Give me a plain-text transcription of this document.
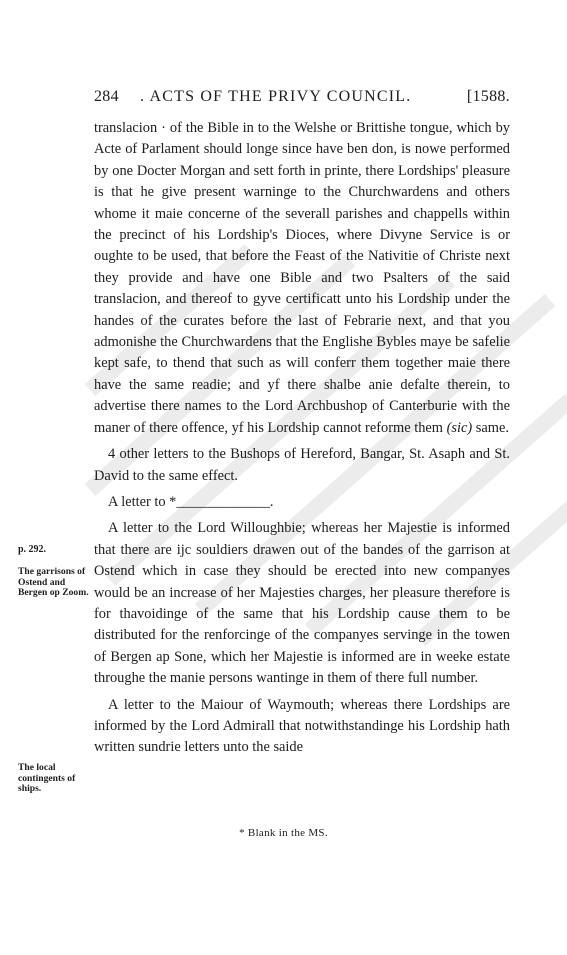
284 . ACTS OF THE PRIVY COUNCIL.	[1588.

translacion · of the Bible in to the Welshe or Brittishe tongue, which by Acte of Parlament should longe since have ben don, is nowe performed by one Docter Morgan and sett forth in printe, there Lordships' pleasure is that he give present warninge to the Churchwardens and others whome it maie concerne of the severall parishes and chappells within the precinct of his Lordship's Dioces, where Divyne Service is or oughte to be used, that before the Feast of the Nativitie of Christe next they provide and have one Bible and two Psalters of the said translacion, and thereof to gyve certificatt unto his Lordship under the handes of the curates before the last of Febrarie next, and that you admonishe the Churchwardens that the Englishe Bybles maye be safelie kept safe, to thend that such as will conferr them together maie there have the same readie; and yf there shalbe anie defalte therein, to advertise there names to the Lord Archbushop of Canterburie with the maner of there offence, yf his Lordship cannot reforme them (sic) same.

4 other letters to the Bushops of Hereford, Bangar, St. Asaph and St. David to the same effect.

A letter to *_____________.

A letter to the Lord Willoughbie; whereas her Majestie is informed that there are ijc souldiers drawen out of the bandes of the garrison at Ostend which in case they should be erected into new companyes would be an increase of her Majesties charges, her pleasure therefore is for thavoidinge of the same that his Lordship cause them to be distributed for the renforcinge of the companyes servinge in the towen of Bergen ap Sone, which her Majestie is informed are in weeke estate throughe the manie persons wantinge in them of there full number.

A letter to the Maiour of Waymouth; whereas there Lordships are informed by the Lord Admirall that notwithstandinge his Lordship hath written sundrie letters unto the saide

p. 292.
The garrisons of Ostend and Bergen op Zoom.
The local contingents of ships.
* Blank in the MS.
